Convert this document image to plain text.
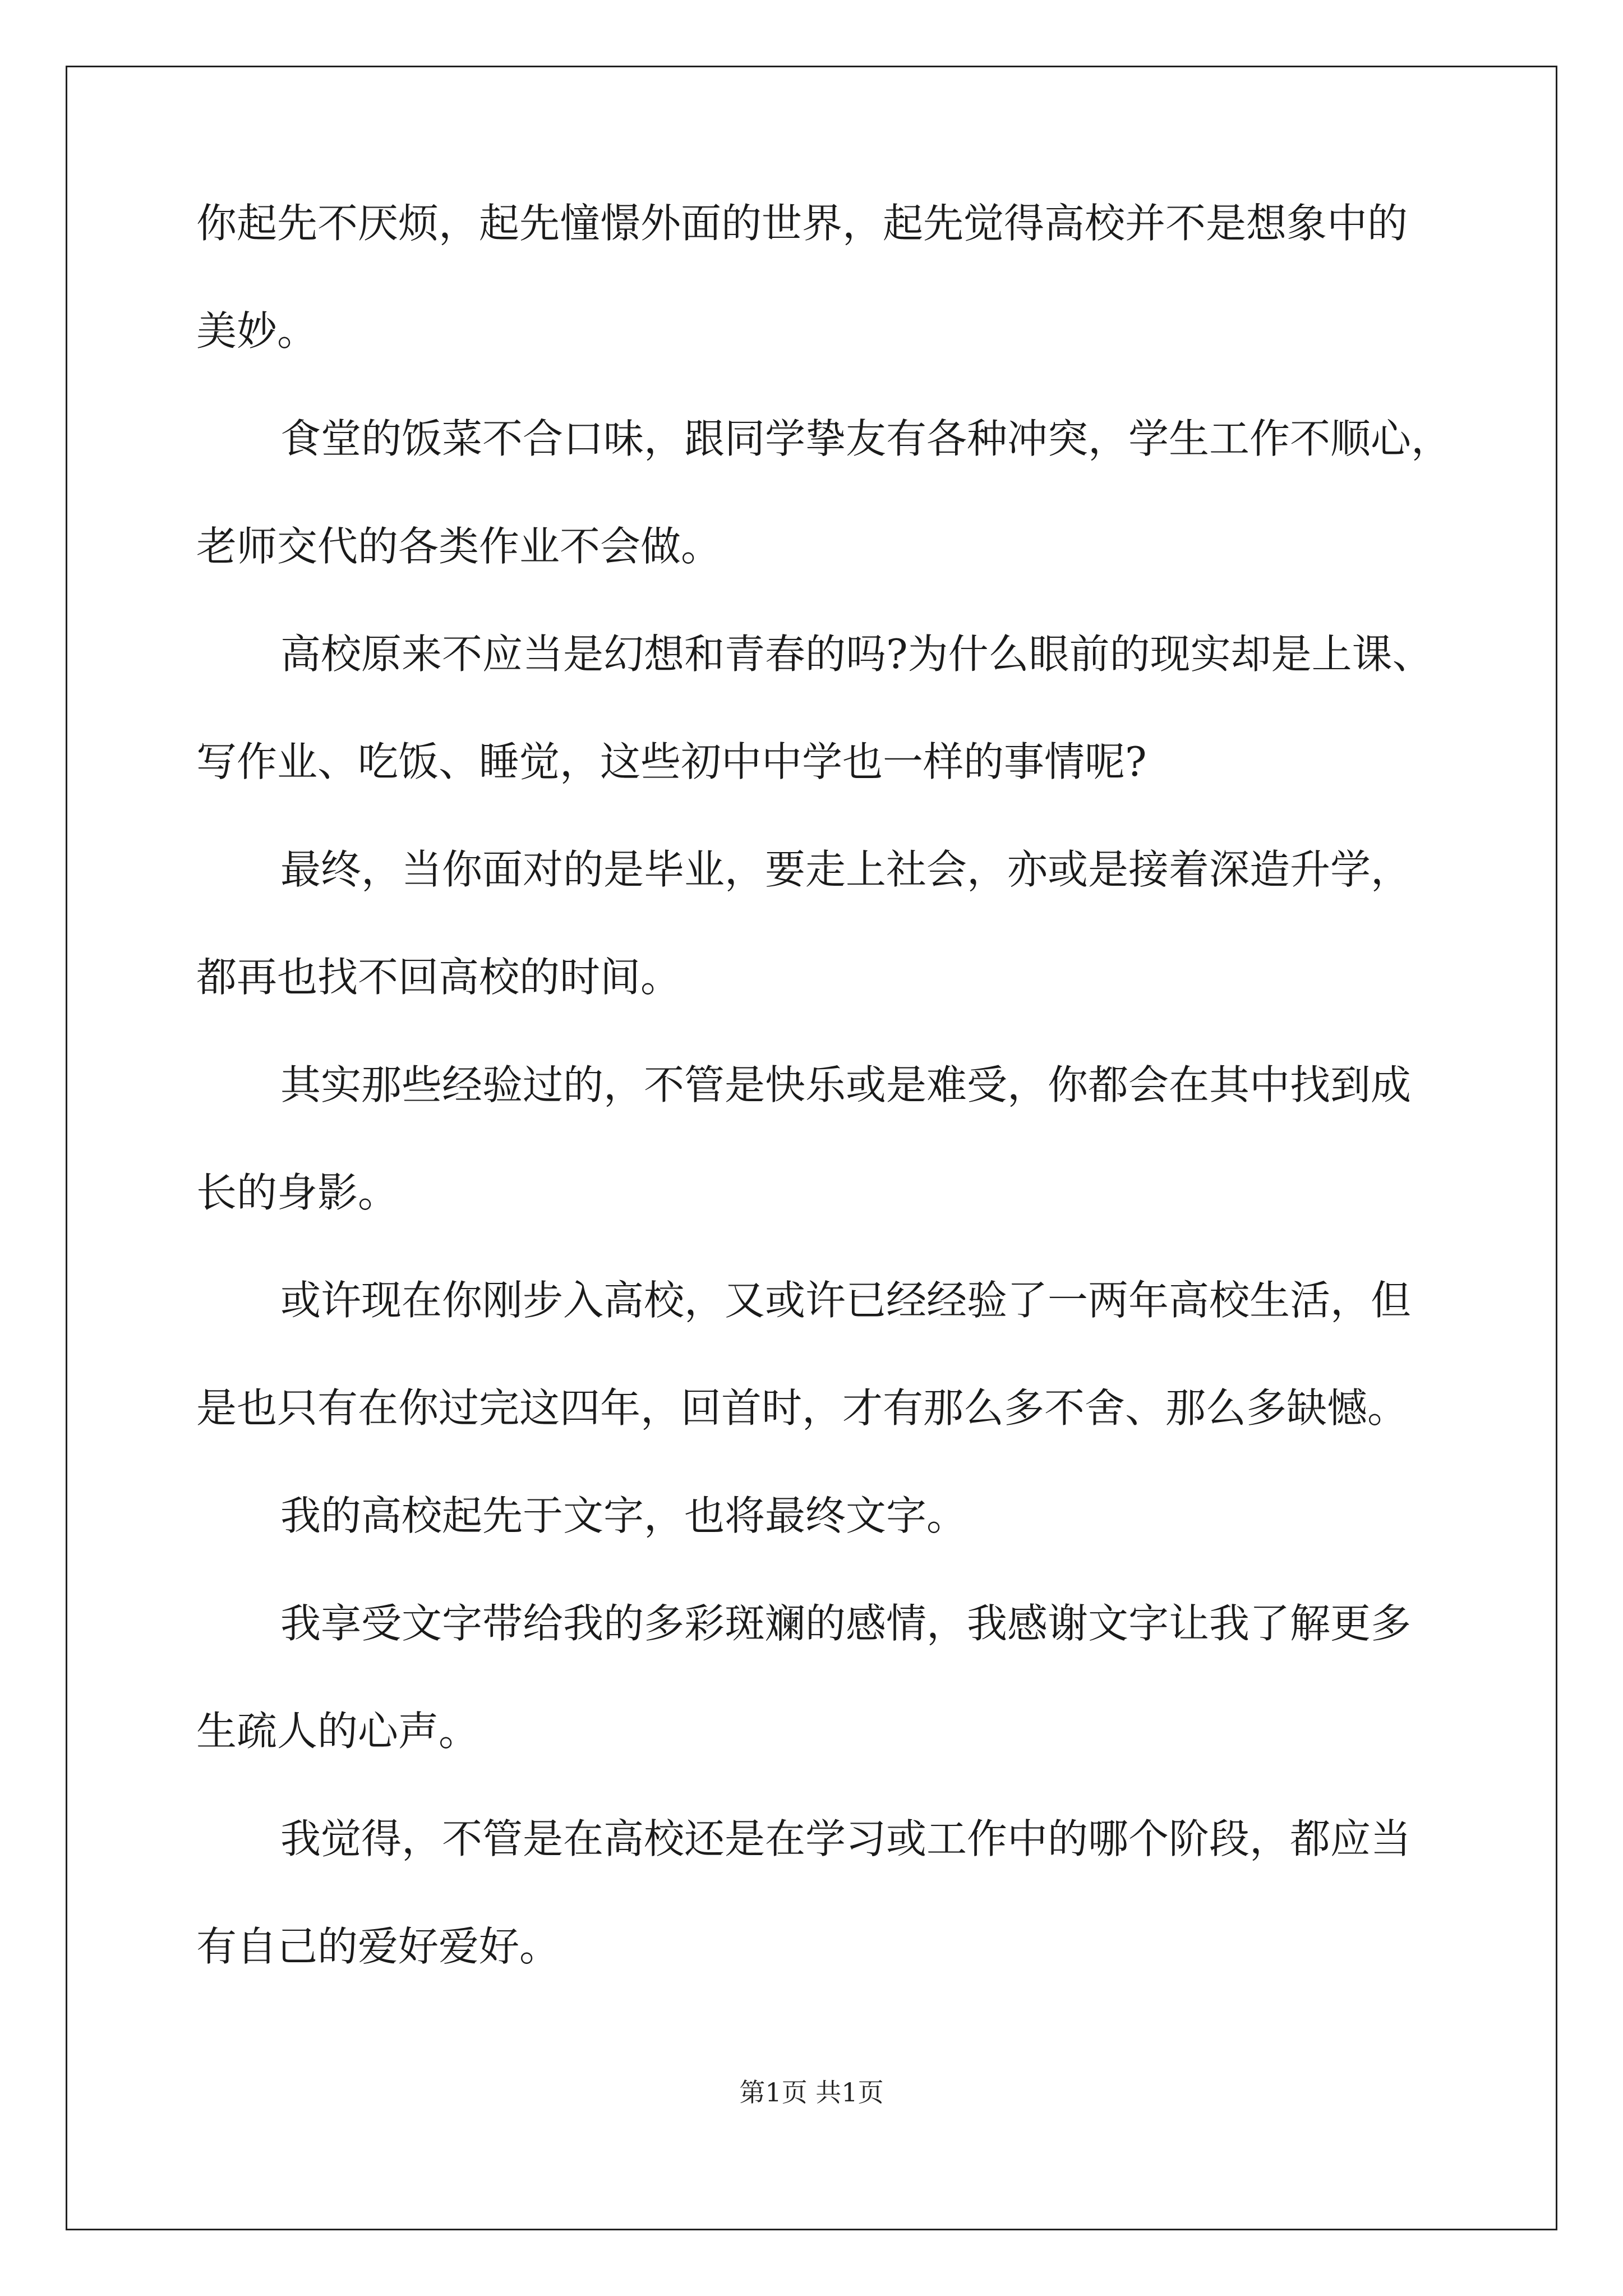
你起先不厌烦，起先憧憬外面的世界，起先觉得高校并不是想象中的
美妙。
食堂的饭菜不合口味，跟同学挚友有各种冲突，学生工作不顺心，
老师交代的各类作业不会做。
高校原来不应当是幻想和青春的吗?为什么眼前的现实却是上课、
写作业、吃饭、睡觉，这些初中中学也一样的事情呢?
最终，当你面对的是毕业，要走上社会，亦或是接着深造升学，
都再也找不回高校的时间。
其实那些经验过的，不管是快乐或是难受，你都会在其中找到成
长的身影。
或许现在你刚步入高校，又或许已经经验了一两年高校生活，但
是也只有在你过完这四年，回首时，才有那么多不舍、那么多缺憾。
我的高校起先于文字，也将最终文字。
我享受文字带给我的多彩斑斓的感情，我感谢文字让我了解更多
生疏人的心声。
我觉得，不管是在高校还是在学习或工作中的哪个阶段，都应当
有自己的爱好爱好。
第1页 共1页
